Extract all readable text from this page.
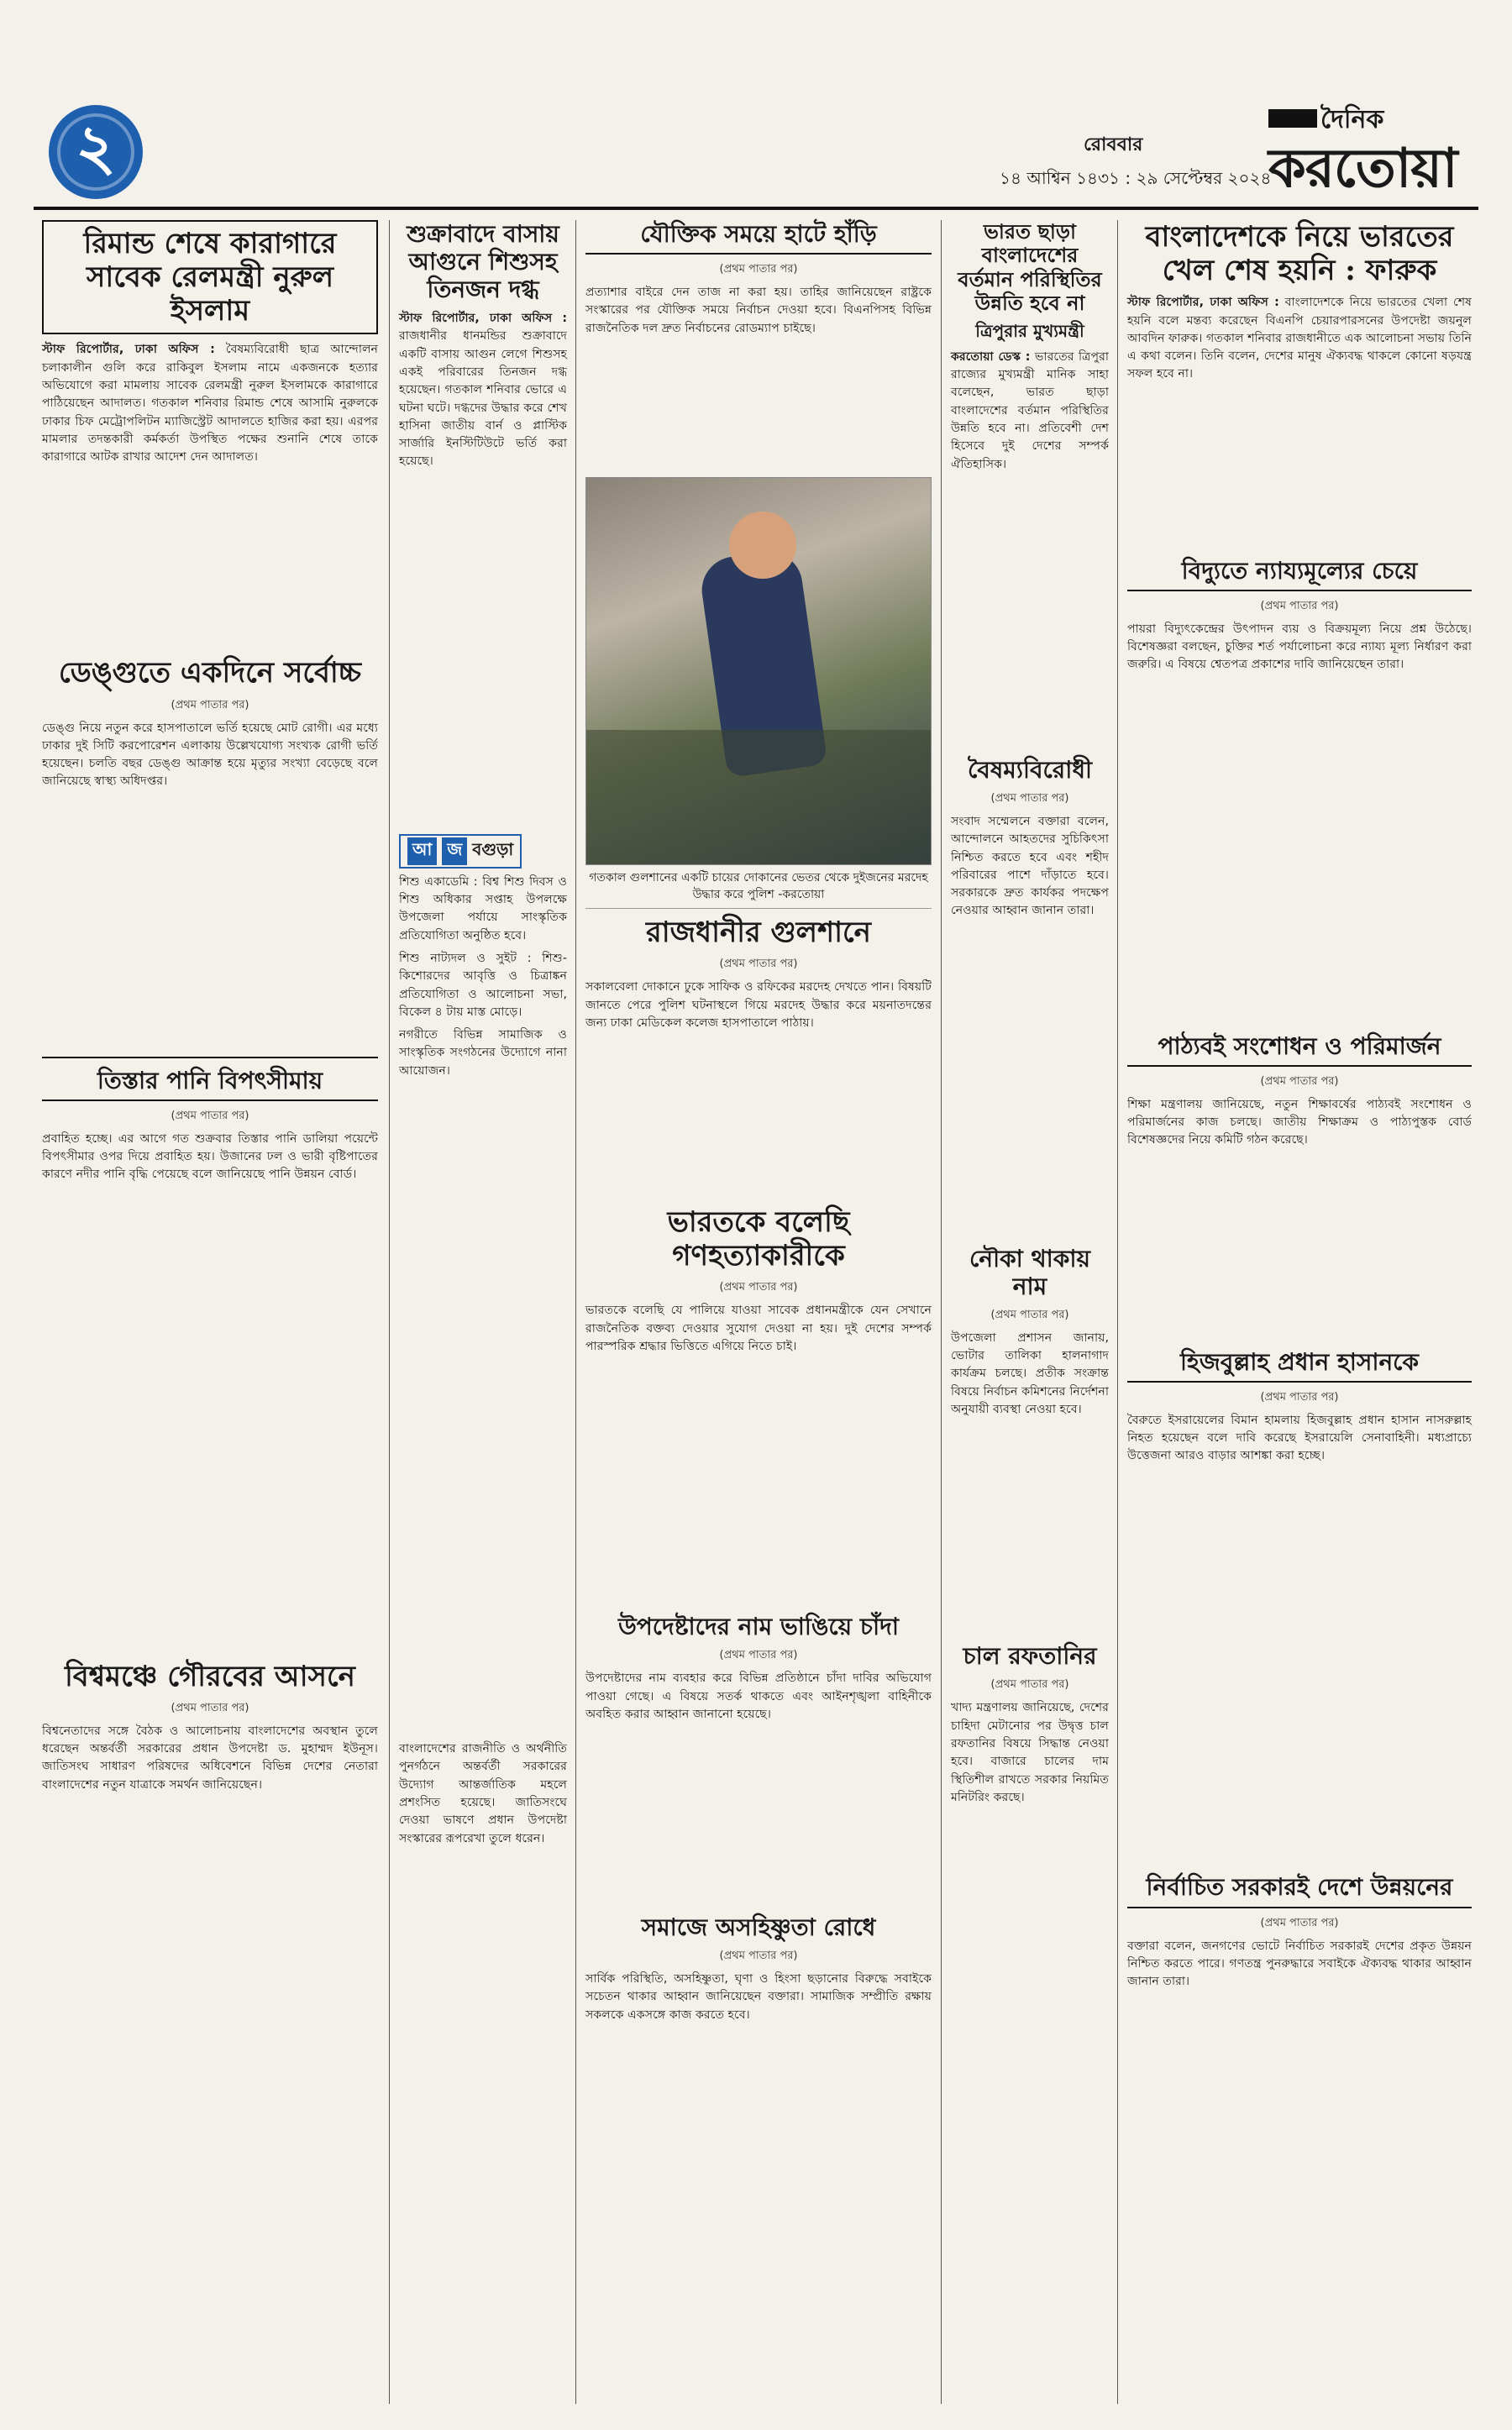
২	রোববার
দৈনিক
করতোয়া
১৪ আশ্বিন ১৪৩১ : ২৯ সেপ্টেম্বর ২০২৪
রিমান্ড শেষে কারাগারে সাবেক রেলমন্ত্রী নুরুল ইসলাম

স্টাফ রিপোর্টার, ঢাকা অফিস : বৈষম্যবিরোধী ছাত্র আন্দোলন চলাকালীন গুলি করে রাকিবুল ইসলাম নামে একজনকে হত্যার অভিযোগে করা মামলায় সাবেক রেলমন্ত্রী নুরুল ইসলামকে কারাগারে পাঠিয়েছেন আদালত। গতকাল শনিবার রিমান্ড শেষে আসামি নুরুলকে ঢাকার চিফ মেট্রোপলিটন ম্যাজিস্ট্রেট আদালতে হাজির করা হয়। এরপর মামলার তদন্তকারী কর্মকর্তা উপস্থিত পক্ষের শুনানি শেষে তাকে কারাগারে আটক রাখার আদেশ দেন আদালত।

ডেঙ্গুতে একদিনে সর্বোচ্চ
(প্রথম পাতার পর)

ডেঙ্গু নিয়ে নতুন করে হাসপাতালে ভর্তি হয়েছে মোট রোগী। এর মধ্যে ঢাকার দুই সিটি করপোরেশন এলাকায় উল্লেখযোগ্য সংখ্যক রোগী ভর্তি হয়েছেন। চলতি বছর ডেঙ্গু আক্রান্ত হয়ে মৃত্যুর সংখ্যা বেড়েছে বলে জানিয়েছে স্বাস্থ্য অধিদপ্তর।

তিস্তার পানি বিপৎসীমায়
(প্রথম পাতার পর)

প্রবাহিত হচ্ছে। এর আগে গত শুক্রবার তিস্তার পানি ডালিয়া পয়েন্টে বিপৎসীমার ওপর দিয়ে প্রবাহিত হয়। উজানের ঢল ও ভারী বৃষ্টিপাতের কারণে নদীর পানি বৃদ্ধি পেয়েছে বলে জানিয়েছে পানি উন্নয়ন বোর্ড।

বিশ্বমঞ্চে গৌরবের আসনে
(প্রথম পাতার পর)

বিশ্বনেতাদের সঙ্গে বৈঠক ও আলোচনায় বাংলাদেশের অবস্থান তুলে ধরেছেন অন্তর্বর্তী সরকারের প্রধান উপদেষ্টা ড. মুহাম্মদ ইউনূস। জাতিসংঘ সাধারণ পরিষদের অধিবেশনে বিভিন্ন দেশের নেতারা বাংলাদেশের নতুন যাত্রাকে সমর্থন জানিয়েছেন।

শুক্রাবাদে বাসায় আগুনে শিশুসহ তিনজন দগ্ধ

স্টাফ রিপোর্টার, ঢাকা অফিস : রাজধানীর ধানমন্ডির শুক্রাবাদে একটি বাসায় আগুন লেগে শিশুসহ একই পরিবারের তিনজন দগ্ধ হয়েছেন। গতকাল শনিবার ভোরে এ ঘটনা ঘটে। দগ্ধদের উদ্ধার করে শেখ হাসিনা জাতীয় বার্ন ও প্লাস্টিক সার্জারি ইনস্টিটিউটে ভর্তি করা হয়েছে।

আ জ বগুড়া

শিশু একাডেমি : বিশ্ব শিশু দিবস ও শিশু অধিকার সপ্তাহ উপলক্ষে উপজেলা পর্যায়ে সাংস্কৃতিক প্রতিযোগিতা অনুষ্ঠিত হবে।

শিশু নাট্যদল ও সুইট : শিশু-কিশোরদের আবৃত্তি ও চিত্রাঙ্কন প্রতিযোগিতা ও আলোচনা সভা, বিকেল ৪ টায় মাস্ত মোড়ে।

নগরীতে বিভিন্ন সামাজিক ও সাংস্কৃতিক সংগঠনের উদ্যোগে নানা আয়োজন।

বাংলাদেশের রাজনীতি ও অর্থনীতি পুনর্গঠনে অন্তর্বর্তী সরকারের উদ্যোগ আন্তর্জাতিক মহলে প্রশংসিত হয়েছে। জাতিসংঘে দেওয়া ভাষণে প্রধান উপদেষ্টা সংস্কারের রূপরেখা তুলে ধরেন।

যৌক্তিক সময়ে হাটে হাঁড়ি
(প্রথম পাতার পর)

প্রত্যাশার বাইরে দেন তাজ না করা হয়। তাহির জানিয়েছেন রাষ্ট্রকে সংস্কারের পর যৌক্তিক সময়ে নির্বাচন দেওয়া হবে। বিএনপিসহ বিভিন্ন রাজনৈতিক দল দ্রুত নির্বাচনের রোডম্যাপ চাইছে।

গতকাল গুলশানের একটি চায়ের দোকানের ভেতর থেকে দুইজনের মরদেহ উদ্ধার করে পুলিশ -করতোয়া
রাজধানীর গুলশানে
(প্রথম পাতার পর)

সকালবেলা দোকানে ঢুকে সাফিক ও রফিকের মরদেহ দেখতে পান। বিষয়টি জানতে পেরে পুলিশ ঘটনাস্থলে গিয়ে মরদেহ উদ্ধার করে ময়নাতদন্তের জন্য ঢাকা মেডিকেল কলেজ হাসপাতালে পাঠায়।

ভারতকে বলেছি গণহত্যাকারীকে
(প্রথম পাতার পর)

ভারতকে বলেছি যে পালিয়ে যাওয়া সাবেক প্রধানমন্ত্রীকে যেন সেখানে রাজনৈতিক বক্তব্য দেওয়ার সুযোগ দেওয়া না হয়। দুই দেশের সম্পর্ক পারস্পরিক শ্রদ্ধার ভিত্তিতে এগিয়ে নিতে চাই।

উপদেষ্টাদের নাম ভাঙিয়ে চাঁদা
(প্রথম পাতার পর)

উপদেষ্টাদের নাম ব্যবহার করে বিভিন্ন প্রতিষ্ঠানে চাঁদা দাবির অভিযোগ পাওয়া গেছে। এ বিষয়ে সতর্ক থাকতে এবং আইনশৃঙ্খলা বাহিনীকে অবহিত করার আহ্বান জানানো হয়েছে।

সমাজে অসহিষ্ণুতা রোধে
(প্রথম পাতার পর)

সার্বিক পরিস্থিতি, অসহিষ্ণুতা, ঘৃণা ও হিংসা ছড়ানোর বিরুদ্ধে সবাইকে সচেতন থাকার আহ্বান জানিয়েছেন বক্তারা। সামাজিক সম্প্রীতি রক্ষায় সকলকে একসঙ্গে কাজ করতে হবে।

ভারত ছাড়া বাংলাদেশের বর্তমান পরিস্থিতির উন্নতি হবে না
ত্রিপুরার মুখ্যমন্ত্রী

করতোয়া ডেস্ক : ভারতের ত্রিপুরা রাজ্যের মুখ্যমন্ত্রী মানিক সাহা বলেছেন, ভারত ছাড়া বাংলাদেশের বর্তমান পরিস্থিতির উন্নতি হবে না। প্রতিবেশী দেশ হিসেবে দুই দেশের সম্পর্ক ঐতিহাসিক।

বৈষম্যবিরোধী
(প্রথম পাতার পর)

সংবাদ সম্মেলনে বক্তারা বলেন, আন্দোলনে আহতদের সুচিকিৎসা নিশ্চিত করতে হবে এবং শহীদ পরিবারের পাশে দাঁড়াতে হবে। সরকারকে দ্রুত কার্যকর পদক্ষেপ নেওয়ার আহ্বান জানান তারা।

নৌকা থাকায় নাম
(প্রথম পাতার পর)

উপজেলা প্রশাসন জানায়, ভোটার তালিকা হালনাগাদ কার্যক্রম চলছে। প্রতীক সংক্রান্ত বিষয়ে নির্বাচন কমিশনের নির্দেশনা অনুযায়ী ব্যবস্থা নেওয়া হবে।

চাল রফতানির
(প্রথম পাতার পর)

খাদ্য মন্ত্রণালয় জানিয়েছে, দেশের চাহিদা মেটানোর পর উদ্বৃত্ত চাল রফতানির বিষয়ে সিদ্ধান্ত নেওয়া হবে। বাজারে চালের দাম স্থিতিশীল রাখতে সরকার নিয়মিত মনিটরিং করছে।

বাংলাদেশকে নিয়ে ভারতের খেল শেষ হয়নি : ফারুক

স্টাফ রিপোর্টার, ঢাকা অফিস : বাংলাদেশকে নিয়ে ভারতের খেলা শেষ হয়নি বলে মন্তব্য করেছেন বিএনপি চেয়ারপারসনের উপদেষ্টা জয়নুল আবদিন ফারুক। গতকাল শনিবার রাজধানীতে এক আলোচনা সভায় তিনি এ কথা বলেন। তিনি বলেন, দেশের মানুষ ঐক্যবদ্ধ থাকলে কোনো ষড়যন্ত্র সফল হবে না।

বিদ্যুতে ন্যায্যমূল্যের চেয়ে
(প্রথম পাতার পর)

পায়রা বিদ্যুৎকেন্দ্রের উৎপাদন ব্যয় ও বিক্রয়মূল্য নিয়ে প্রশ্ন উঠেছে। বিশেষজ্ঞরা বলছেন, চুক্তির শর্ত পর্যালোচনা করে ন্যায্য মূল্য নির্ধারণ করা জরুরি। এ বিষয়ে শ্বেতপত্র প্রকাশের দাবি জানিয়েছেন তারা।

পাঠ্যবই সংশোধন ও পরিমার্জন
(প্রথম পাতার পর)

শিক্ষা মন্ত্রণালয় জানিয়েছে, নতুন শিক্ষাবর্ষের পাঠ্যবই সংশোধন ও পরিমার্জনের কাজ চলছে। জাতীয় শিক্ষাক্রম ও পাঠ্যপুস্তক বোর্ড বিশেষজ্ঞদের নিয়ে কমিটি গঠন করেছে।

হিজবুল্লাহ প্রধান হাসানকে
(প্রথম পাতার পর)

বৈরুতে ইসরায়েলের বিমান হামলায় হিজবুল্লাহ প্রধান হাসান নাসরুল্লাহ নিহত হয়েছেন বলে দাবি করেছে ইসরায়েলি সেনাবাহিনী। মধ্যপ্রাচ্যে উত্তেজনা আরও বাড়ার আশঙ্কা করা হচ্ছে।

নির্বাচিত সরকারই দেশে উন্নয়নের
(প্রথম পাতার পর)

বক্তারা বলেন, জনগণের ভোটে নির্বাচিত সরকারই দেশের প্রকৃত উন্নয়ন নিশ্চিত করতে পারে। গণতন্ত্র পুনরুদ্ধারে সবাইকে ঐক্যবদ্ধ থাকার আহ্বান জানান তারা।
